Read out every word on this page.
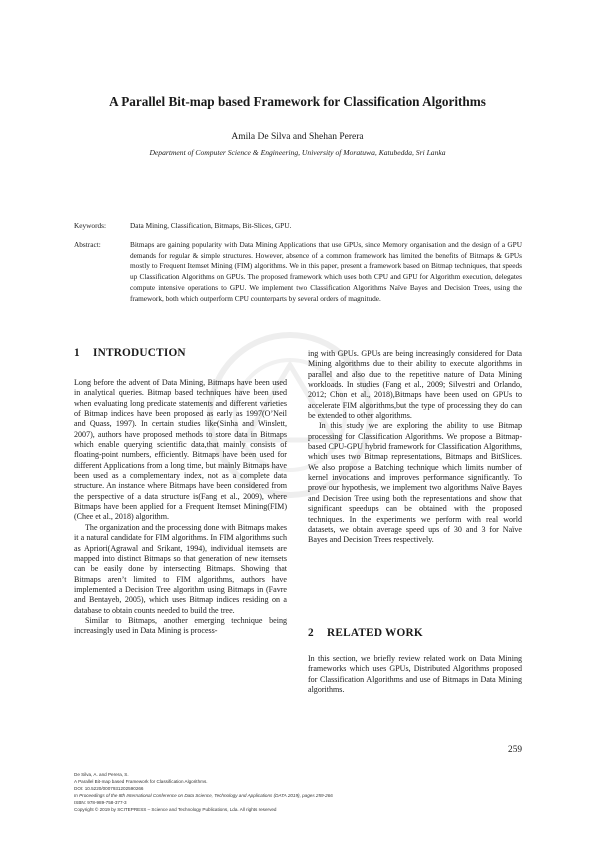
A Parallel Bit-map based Framework for Classification Algorithms
Amila De Silva and Shehan Perera
Department of Computer Science & Engineering, University of Moratuwa, Katubedda, Sri Lanka
Keywords:	Data Mining, Classification, Bitmaps, Bit-Slices, GPU.
Abstract:	Bitmaps are gaining popularity with Data Mining Applications that use GPUs, since Memory organisation and the design of a GPU demands for regular & simple structures. However, absence of a common framework has limited the benefits of Bitmaps & GPUs mostly to Frequent Itemset Mining (FIM) algorithms. We in this paper, present a framework based on Bitmap techniques, that speeds up Classification Algorithms on GPUs. The proposed framework which uses both CPU and GPU for Algorithm execution, delegates compute intensive operations to GPU. We implement two Classification Algorithms Naïve Bayes and Decision Trees, using the framework, both which outperform CPU counterparts by several orders of magnitude.
1 INTRODUCTION

Long before the advent of Data Mining, Bitmaps have been used in analytical queries. Bitmap based techniques have been used when evaluating long predicate statements and different varieties of Bitmap indices have been proposed as early as 1997(O’Neil and Quass, 1997). In certain studies like(Sinha and Winslett, 2007), authors have proposed methods to store data in Bitmaps which enable querying scientific data,that mainly consists of floating-point numbers, efficiently. Bitmaps have been used for different Applications from a long time, but mainly Bitmaps have been used as a complementary index, not as a complete data structure. An instance where Bitmaps have been considered from the perspective of a data structure is(Fang et al., 2009), where Bitmaps have been applied for a Frequent Itemset Mining(FIM)(Chee et al., 2018) algorithm.

The organization and the processing done with Bitmaps makes it a natural candidate for FIM algorithms. In FIM algorithms such as Apriori(Agrawal and Srikant, 1994), individual itemsets are mapped into distinct Bitmaps so that generation of new itemsets can be easily done by intersecting Bitmaps. Showing that Bitmaps aren’t limited to FIM algorithms, authors have implemented a Decision Tree algorithm using Bitmaps in (Favre and Bentayeb, 2005), which uses Bitmap indices residing on a database to obtain counts needed to build the tree.

Similar to Bitmaps, another emerging technique being increasingly used in Data Mining is process-

ing with GPUs. GPUs are being increasingly considered for Data Mining algorithms due to their ability to execute algorithms in parallel and also due to the repetitive nature of Data Mining workloads. In studies (Fang et al., 2009; Silvestri and Orlando, 2012; Chon et al., 2018),Bitmaps have been used on GPUs to accelerate FIM algorithms,but the type of processing they do can be extended to other algorithms.

In this study we are exploring the ability to use Bitmap processing for Classification Algorithms. We propose a Bitmap-based CPU-GPU hybrid framework for Classification Algorithms, which uses two Bitmap representations, Bitmaps and BitSlices. We also propose a Batching technique which limits number of kernel invocations and improves performance significantly. To prove our hypothesis, we implement two algorithms Naïve Bayes and Decision Tree using both the representations and show that significant speedups can be obtained with the proposed techniques. In the experiments we perform with real world datasets, we obtain average speed ups of 30 and 3 for Naïve Bayes and Decision Trees respectively.

2 RELATED WORK

In this section, we briefly review related work on Data Mining frameworks which uses GPUs, Distributed Algorithms proposed for Classification Algorithms and use of Bitmaps in Data Mining algorithms.

259
De Silva, A. and Perera, S.
A Parallel Bit-map based Framework for Classification Algorithms.
DOI: 10.5220/0007931202590266
In Proceedings of the 8th International Conference on Data Science, Technology and Applications (DATA 2019), pages 259-266
ISBN: 978-989-758-377-3
Copyright © 2019 by SCITEPRESS – Science and Technology Publications, Lda. All rights reserved
